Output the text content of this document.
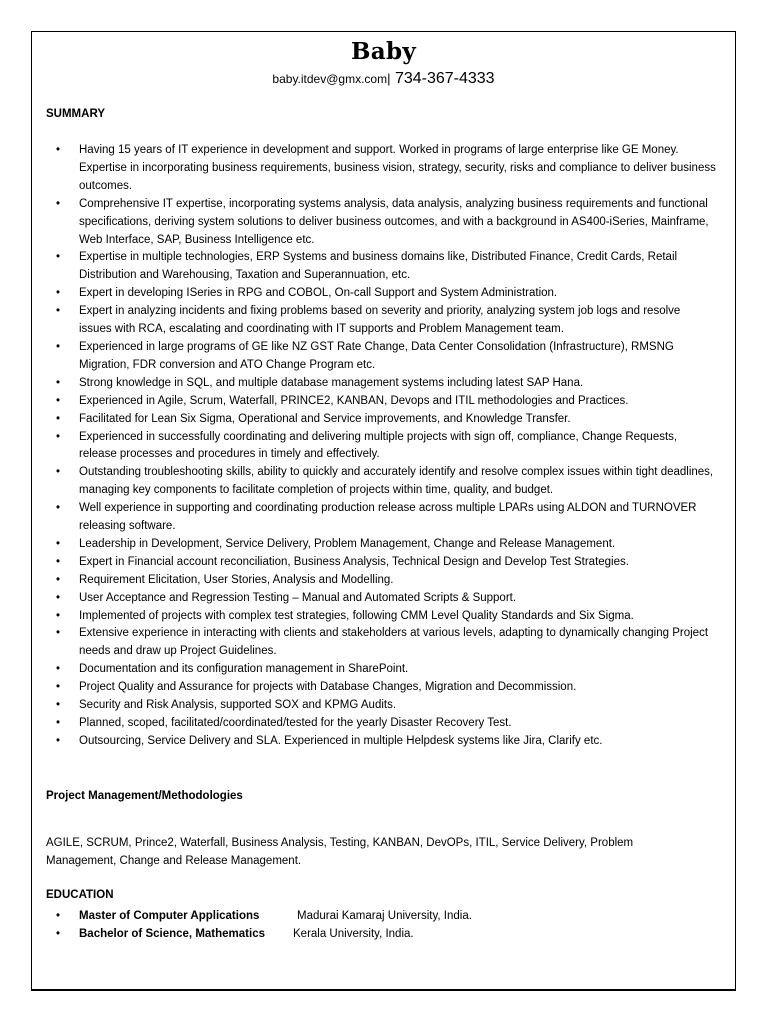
Baby
baby.itdev@gmx.com| 734-367-4333
SUMMARY
• Having 15 years of IT experience in development and support. Worked in programs of large enterprise like GE Money. Expertise in incorporating business requirements, business vision, strategy, security, risks and compliance to deliver business outcomes.
• Comprehensive IT expertise, incorporating systems analysis, data analysis, analyzing business requirements and functional specifications, deriving system solutions to deliver business outcomes, and with a background in AS400-iSeries, Mainframe, Web Interface, SAP, Business Intelligence etc.
• Expertise in multiple technologies, ERP Systems and business domains like, Distributed Finance, Credit Cards, Retail Distribution and Warehousing, Taxation and Superannuation, etc.
• Expert in developing ISeries in RPG and COBOL, On-call Support and System Administration.
• Expert in analyzing incidents and fixing problems based on severity and priority, analyzing system job logs and resolve issues with RCA, escalating and coordinating with IT supports and Problem Management team.
• Experienced in large programs of GE like NZ GST Rate Change, Data Center Consolidation (Infrastructure), RMSNG Migration, FDR conversion and ATO Change Program etc.
• Strong knowledge in SQL, and multiple database management systems including latest SAP Hana.
• Experienced in Agile, Scrum, Waterfall, PRINCE2, KANBAN, Devops and ITIL methodologies and Practices.
• Facilitated for Lean Six Sigma, Operational and Service improvements, and Knowledge Transfer.
• Experienced in successfully coordinating and delivering multiple projects with sign off, compliance, Change Requests, release processes and procedures in timely and effectively.
• Outstanding troubleshooting skills, ability to quickly and accurately identify and resolve complex issues within tight deadlines, managing key components to facilitate completion of projects within time, quality, and budget.
• Well experience in supporting and coordinating production release across multiple LPARs using ALDON and TURNOVER releasing software.
• Leadership in Development, Service Delivery, Problem Management, Change and Release Management.
• Expert in Financial account reconciliation, Business Analysis, Technical Design and Develop Test Strategies.
• Requirement Elicitation, User Stories, Analysis and Modelling.
• User Acceptance and Regression Testing – Manual and Automated Scripts & Support.
• Implemented of projects with complex test strategies, following CMM Level Quality Standards and Six Sigma.
• Extensive experience in interacting with clients and stakeholders at various levels, adapting to dynamically changing Project needs and draw up Project Guidelines.
• Documentation and its configuration management in SharePoint.
• Project Quality and Assurance for projects with Database Changes, Migration and Decommission.
• Security and Risk Analysis, supported SOX and KPMG Audits.
• Planned, scoped, facilitated/coordinated/tested for the yearly Disaster Recovery Test.
• Outsourcing, Service Delivery and SLA. Experienced in multiple Helpdesk systems like Jira, Clarify etc.
Project Management/Methodologies
AGILE, SCRUM, Prince2, Waterfall, Business Analysis, Testing, KANBAN, DevOPs, ITIL, Service Delivery, Problem Management, Change and Release Management.
EDUCATION
• Master of Computer Applications	Madurai Kamaraj University, India.
• Bachelor of Science, Mathematics Kerala University, India.
